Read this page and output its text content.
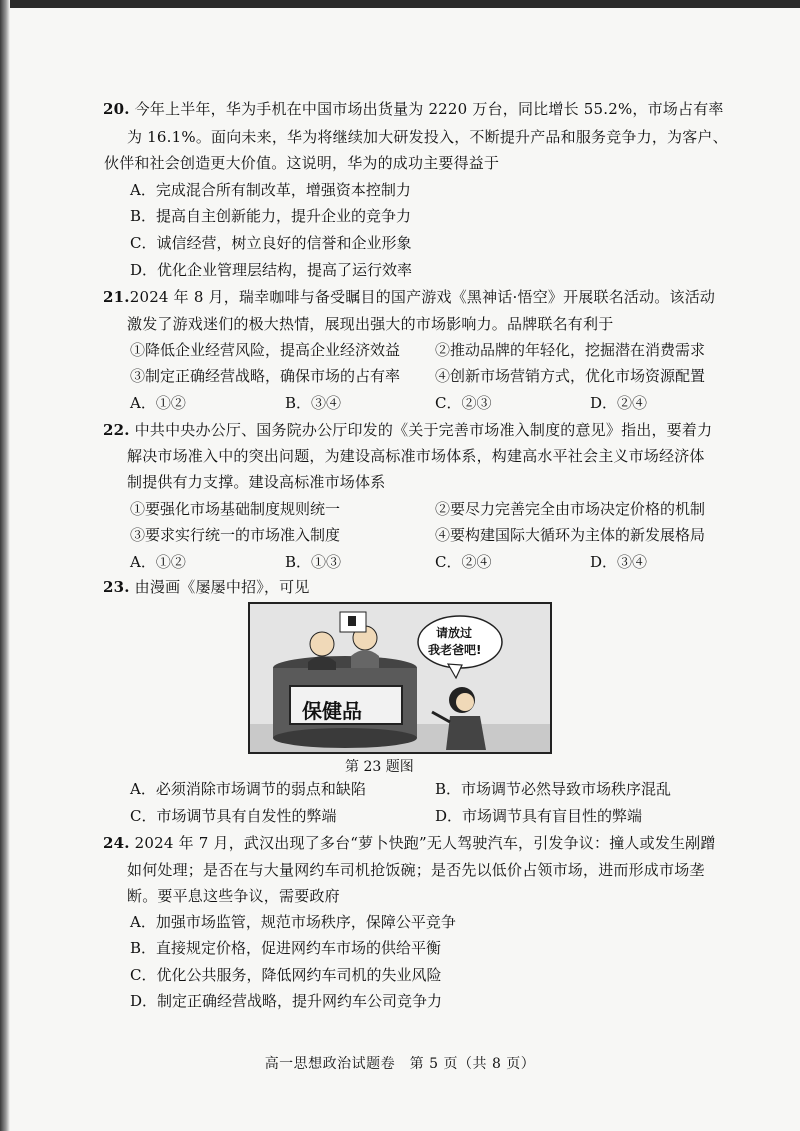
20. 今年上半年，华为手机在中国市场出货量为 2220 万台，同比增长 55.2%，市场占有率
为 16.1%。面向未来，华为将继续加大研发投入，不断提升产品和服务竞争力，为客户、
伙伴和社会创造更大价值。这说明，华为的成功主要得益于
A．完成混合所有制改革，增强资本控制力
B．提高自主创新能力，提升企业的竞争力
C．诚信经营，树立良好的信誉和企业形象
D．优化企业管理层结构，提高了运行效率
21.2024 年 8 月，瑞幸咖啡与备受瞩目的国产游戏《黑神话·悟空》开展联名活动。该活动
激发了游戏迷们的极大热情，展现出强大的市场影响力。品牌联名有利于
①降低企业经营风险，提高企业经济效益 ②推动品牌的年轻化，挖掘潜在消费需求
③制定正确经营战略，确保市场的占有率 ④创新市场营销方式，优化市场资源配置
A．①②	B．③④	C．②③	D．②④
22. 中共中央办公厅、国务院办公厅印发的《关于完善市场准入制度的意见》指出，要着力
解决市场准入中的突出问题，为建设高标准市场体系，构建高水平社会主义市场经济体
制提供有力支撑。建设高标准市场体系
①要强化市场基础制度规则统一	②要尽力完善完全由市场决定价格的机制
③要求实行统一的市场准入制度	④要构建国际大循环为主体的新发展格局
A．①②	B．①③	C．②④	D．③④
23. 由漫画《屡屡中招》，可见
保健品
请放过
我老爸吧!
第 23 题图
A．必须消除市场调节的弱点和缺陷	B．市场调节必然导致市场秩序混乱
C．市场调节具有自发性的弊端	D．市场调节具有盲目性的弊端
24. 2024 年 7 月，武汉出现了多台“萝卜快跑”无人驾驶汽车，引发争议：撞人或发生剐蹭
如何处理；是否在与大量网约车司机抢饭碗；是否先以低价占领市场，进而形成市场垄
断。要平息这些争议，需要政府
A．加强市场监管，规范市场秩序，保障公平竞争
B．直接规定价格，促进网约车市场的供给平衡
C．优化公共服务，降低网约车司机的失业风险
D．制定正确经营战略，提升网约车公司竞争力
高一思想政治试题卷　第 5 页（共 8 页）
